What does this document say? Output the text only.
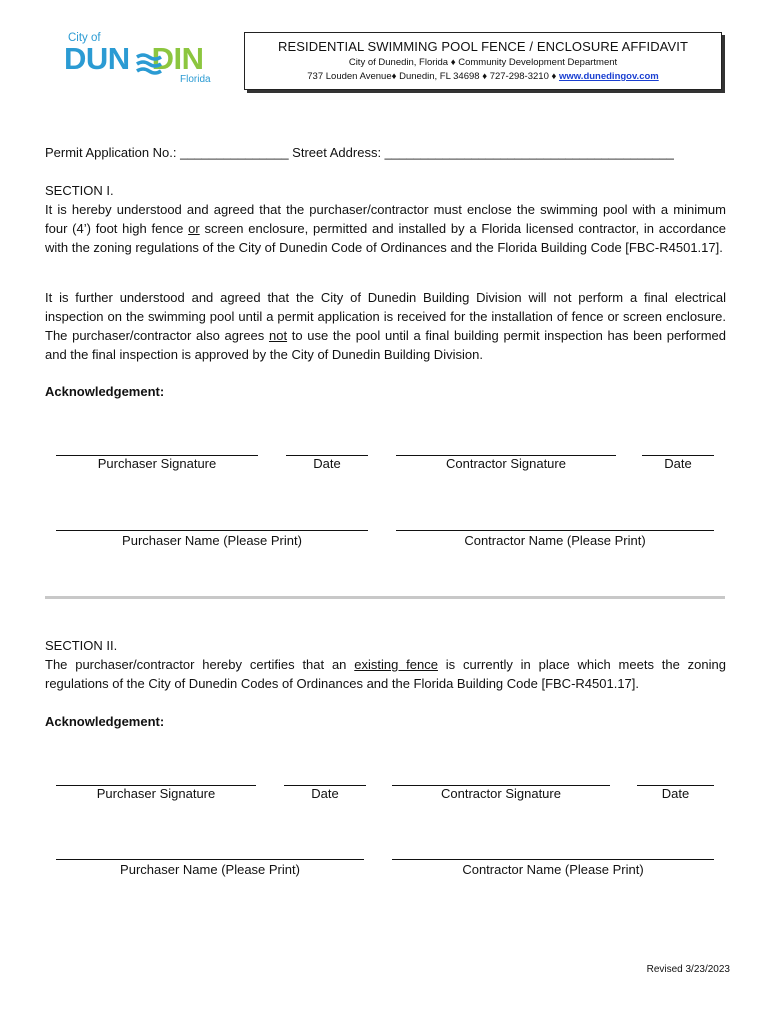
City of
DUN DIN
Florida
RESIDENTIAL SWIMMING POOL FENCE / ENCLOSURE AFFIDAVIT
City of Dunedin, Florida ♦ Community Development Department
737 Louden Avenue♦ Dunedin, FL 34698 ♦ 727-298-3210 ♦ www.dunedingov.com
Permit Application No.: _______________ Street Address: ________________________________________
SECTION I.
It is hereby understood and agreed that the purchaser/contractor must enclose the swimming pool with a minimum four (4’) foot high fence or screen enclosure, permitted and installed by a Florida licensed contractor, in accordance with the zoning regulations of the City of Dunedin Code of Ordinances and the Florida Building Code [FBC-R4501.17].
It is further understood and agreed that the City of Dunedin Building Division will not perform a final electrical inspection on the swimming pool until a permit application is received for the installation of fence or screen enclosure. The purchaser/contractor also agrees not to use the pool until a final building permit inspection has been performed and the final inspection is approved by the City of Dunedin Building Division.
Acknowledgement:
Purchaser Signature	Date	Contractor Signature	Date
Purchaser Name (Please Print)	Contractor Name (Please Print)
SECTION II.
The purchaser/contractor hereby certifies that an existing fence is currently in place which meets the zoning regulations of the City of Dunedin Codes of Ordinances and the Florida Building Code [FBC-R4501.17].
Acknowledgement:
Purchaser Signature	Date	Contractor Signature	Date
Purchaser Name (Please Print)	Contractor Name (Please Print)
Revised 3/23/2023
